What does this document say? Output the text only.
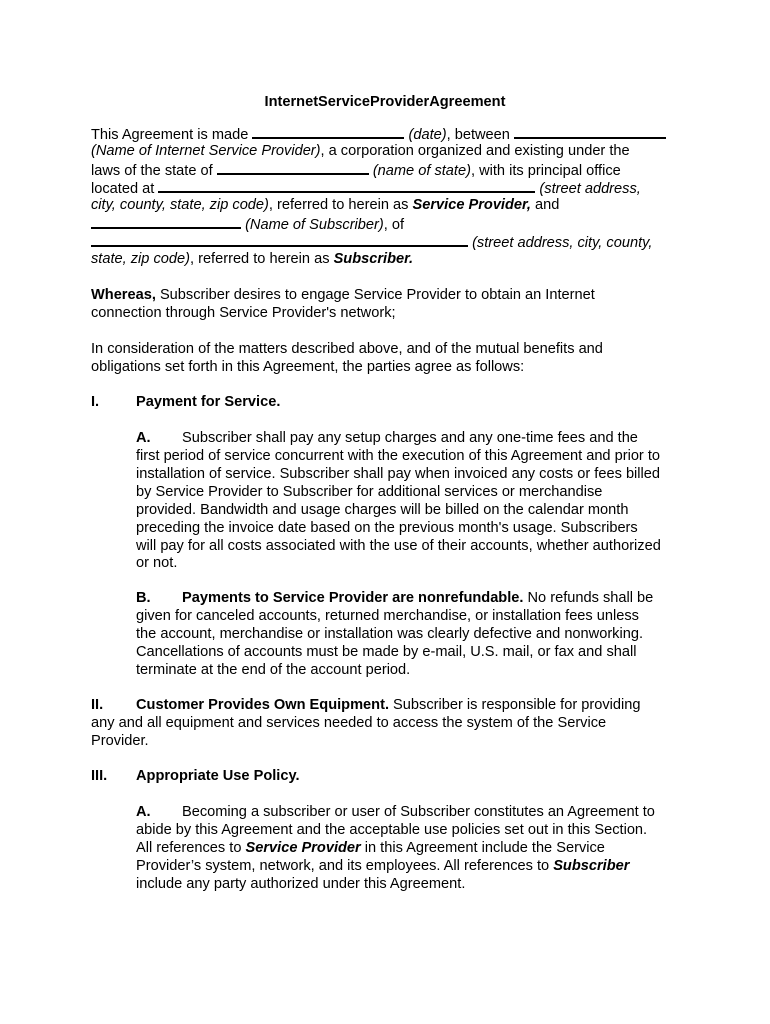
InternetServiceProviderAgreement
This Agreement is made	(date), between
(Name of Internet Service Provider), a corporation organized and existing under the
laws of the state of	(name of state), with its principal office
located at	(street address,
city, county, state, zip code), referred to herein as Service Provider, and
(Name of Subscriber), of
(street address, city, county,
state, zip code), referred to herein as Subscriber.
Whereas, Subscriber desires to engage Service Provider to obtain an Internet
connection through Service Provider's network;
In consideration of the matters described above, and of the mutual benefits and
obligations set forth in this Agreement, the parties agree as follows:
I.	Payment for Service.
A. Subscriber shall pay any setup charges and any one-time fees and the
first period of service concurrent with the execution of this Agreement and prior to
installation of service. Subscriber shall pay when invoiced any costs or fees billed
by Service Provider to Subscriber for additional services or merchandise
provided. Bandwidth and usage charges will be billed on the calendar month
preceding the invoice date based on the previous month's usage. Subscribers
will pay for all costs associated with the use of their accounts, whether authorized
or not.
B. Payments to Service Provider are nonrefundable. No refunds shall be
given for canceled accounts, returned merchandise, or installation fees unless
the account, merchandise or installation was clearly defective and nonworking.
Cancellations of accounts must be made by e-mail, U.S. mail, or fax and shall
terminate at the end of the account period.
II. Customer Provides Own Equipment. Subscriber is responsible for providing
any and all equipment and services needed to access the system of the Service
Provider.
III. Appropriate Use Policy.
A. Becoming a subscriber or user of Subscriber constitutes an Agreement to
abide by this Agreement and the acceptable use policies set out in this Section.
All references to Service Provider in this Agreement include the Service
Provider’s system, network, and its employees. All references to Subscriber
include any party authorized under this Agreement.
